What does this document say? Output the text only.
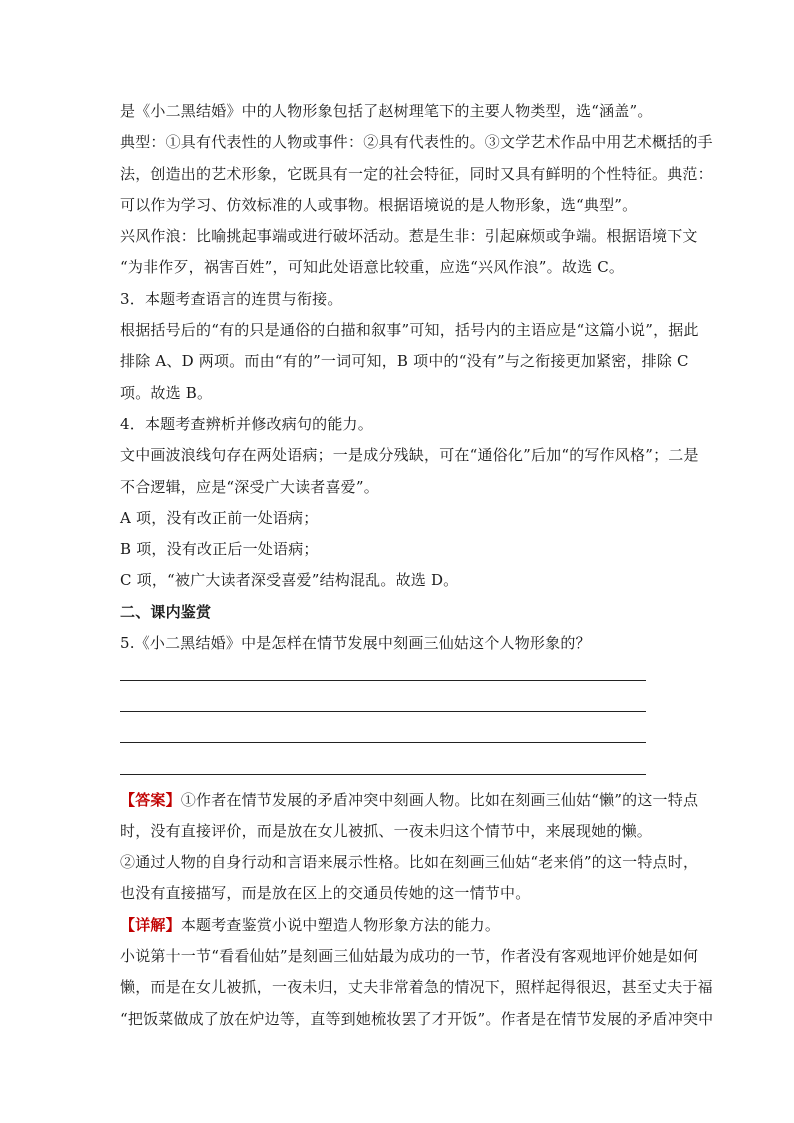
是《小二黑结婚》中的人物形象包括了赵树理笔下的主要人物类型，选“涵盖”。
典型：①具有代表性的人物或事件：②具有代表性的。③文学艺术作品中用艺术概括的手
法，创造出的艺术形象，它既具有一定的社会特征，同时又具有鲜明的个性特征。典范：
可以作为学习、仿效标准的人或事物。根据语境说的是人物形象，选“典型”。
兴风作浪：比喻挑起事端或进行破坏活动。惹是生非：引起麻烦或争端。根据语境下文
“为非作歹，祸害百姓”，可知此处语意比较重，应选“兴风作浪”。故选 C。
3．本题考查语言的连贯与衔接。
根据括号后的“有的只是通俗的白描和叙事”可知，括号内的主语应是“这篇小说”，据此
排除 A、D 两项。而由“有的”一词可知，B 项中的“没有”与之衔接更加紧密，排除 C
项。故选 B。
4．本题考查辨析并修改病句的能力。
文中画波浪线句存在两处语病；一是成分残缺，可在“通俗化”后加“的写作风格”；二是
不合逻辑，应是“深受广大读者喜爱”。
A 项，没有改正前一处语病；
B 项，没有改正后一处语病；
C 项，“被广大读者深受喜爱”结构混乱。故选 D。
二、课内鉴赏
5.《小二黑结婚》中是怎样在情节发展中刻画三仙姑这个人物形象的？
【答案】①作者在情节发展的矛盾冲突中刻画人物。比如在刻画三仙姑“懒”的这一特点
时，没有直接评价，而是放在女儿被抓、一夜未归这个情节中，来展现她的懒。
②通过人物的自身行动和言语来展示性格。比如在刻画三仙姑“老来俏”的这一特点时，
也没有直接描写，而是放在区上的交通员传她的这一情节中。
【详解】本题考查鉴赏小说中塑造人物形象方法的能力。
小说第十一节“看看仙姑”是刻画三仙姑最为成功的一节，作者没有客观地评价她是如何
懒，而是在女儿被抓，一夜未归，丈夫非常着急的情况下，照样起得很迟，甚至丈夫于福
“把饭菜做成了放在炉边等，直等到她梳妆罢了才开饭”。作者是在情节发展的矛盾冲突中
